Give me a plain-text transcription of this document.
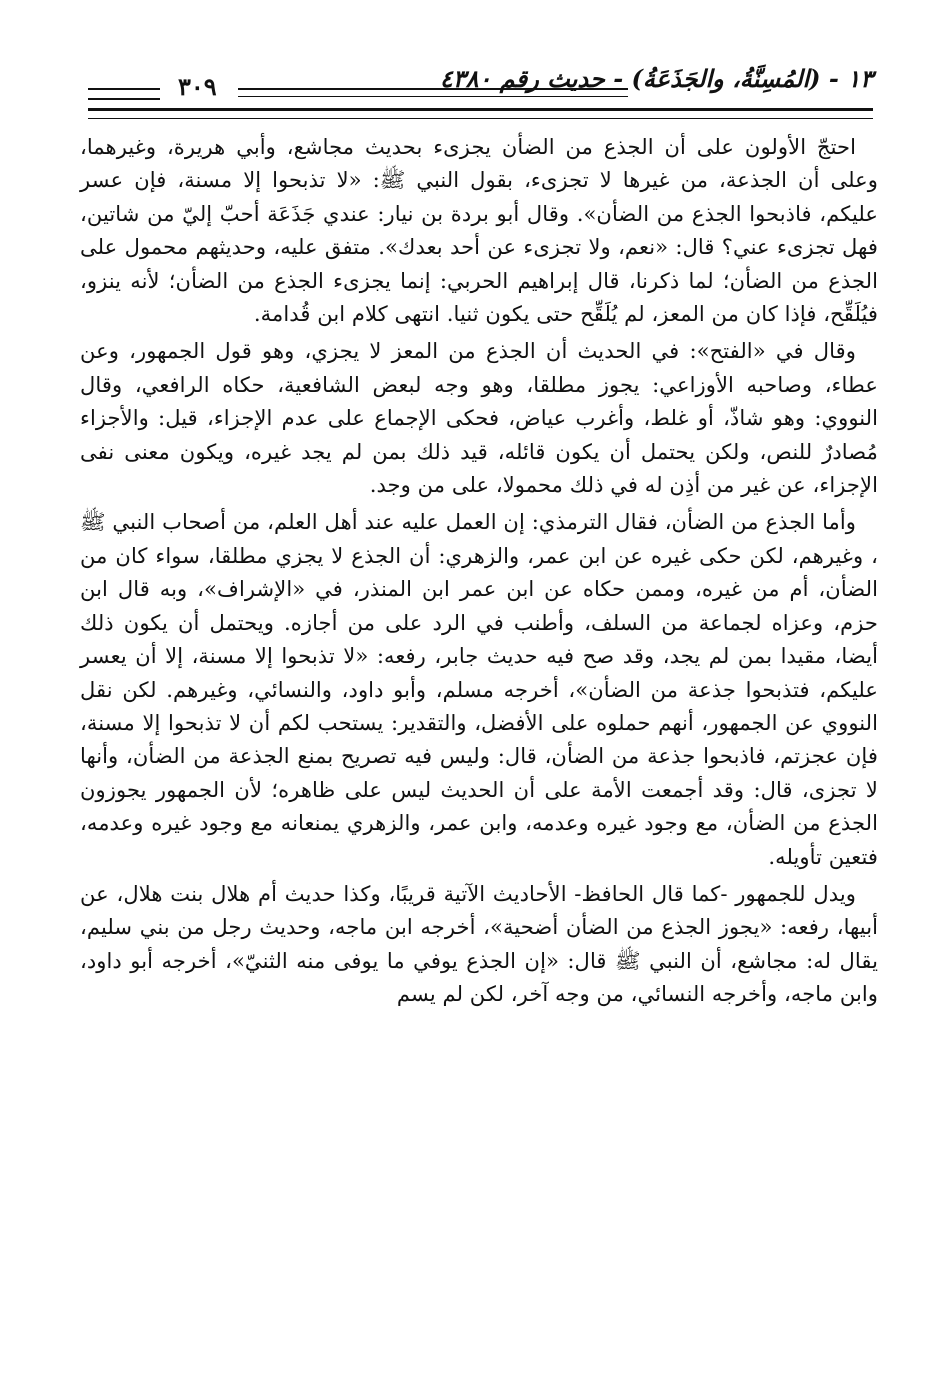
١٣ - (المُسِنَّةُ، والجَذَعَةُ) - حديث رقم ٤٣٨٠
٣٠٩

احتجّ الأولون على أن الجذع من الضأن يجزىء بحديث مجاشع، وأبي هريرة، وغيرهما، وعلى أن الجذعة، من غيرها لا تجزىء، بقول النبي ﷺ: «لا تذبحوا إلا مسنة، فإن عسر عليكم، فاذبحوا الجذع من الضأن». وقال أبو بردة بن نيار: عندي جَذَعَة أحبّ إليّ من شاتين، فهل تجزىء عني؟ قال: «نعم، ولا تجزىء عن أحد بعدك». متفق عليه، وحديثهم محمول على الجذع من الضأن؛ لما ذكرنا، قال إبراهيم الحربي: إنما يجزىء الجذع من الضأن؛ لأنه ينزو، فيُلَقِّح، فإذا كان من المعز، لم يُلَقِّح حتى يكون ثنيا. انتهى كلام ابن قُدامة.

وقال في «الفتح»: في الحديث أن الجذع من المعز لا يجزي، وهو قول الجمهور، وعن عطاء، وصاحبه الأوزاعي: يجوز مطلقا، وهو وجه لبعض الشافعية، حكاه الرافعي، وقال النووي: وهو شاذّ، أو غلط، وأغرب عياض، فحكى الإجماع على عدم الإجزاء، قيل: والأجزاء مُصادرٌ للنص، ولكن يحتمل أن يكون قائله، قيد ذلك بمن لم يجد غيره، ويكون معنى نفى الإجزاء، عن غير من أذِن له في ذلك محمولا، على من وجد.

وأما الجذع من الضأن، فقال الترمذي: إن العمل عليه عند أهل العلم، من أصحاب النبي ﷺ ، وغيرهم، لكن حكى غيره عن ابن عمر، والزهري: أن الجذع لا يجزي مطلقا، سواء كان من الضأن، أم من غيره، وممن حكاه عن ابن عمر ابن المنذر، في «الإشراف»، وبه قال ابن حزم، وعزاه لجماعة من السلف، وأطنب في الرد على من أجازه. ويحتمل أن يكون ذلك أيضا، مقيدا بمن لم يجد، وقد صح فيه حديث جابر، رفعه: «لا تذبحوا إلا مسنة، إلا أن يعسر عليكم، فتذبحوا جذعة من الضأن»، أخرجه مسلم، وأبو داود، والنسائي، وغيرهم. لكن نقل النووي عن الجمهور، أنهم حملوه على الأفضل، والتقدير: يستحب لكم أن لا تذبحوا إلا مسنة، فإن عجزتم، فاذبحوا جذعة من الضأن، قال: وليس فيه تصريح بمنع الجذعة من الضأن، وأنها لا تجزى، قال: وقد أجمعت الأمة على أن الحديث ليس على ظاهره؛ لأن الجمهور يجوزون الجذع من الضأن، مع وجود غيره وعدمه، وابن عمر، والزهري يمنعانه مع وجود غيره وعدمه، فتعين تأويله.

ويدل للجمهور -كما قال الحافظ- الأحاديث الآتية قريبًا، وكذا حديث أم هلال بنت هلال، عن أبيها، رفعه: «يجوز الجذع من الضأن أضحية»، أخرجه ابن ماجه، وحديث رجل من بني سليم، يقال له: مجاشع، أن النبي ﷺ قال: «إن الجذع يوفي ما يوفى منه الثنيّ»، أخرجه أبو داود، وابن ماجه، وأخرجه النسائي، من وجه آخر، لكن لم يسم
